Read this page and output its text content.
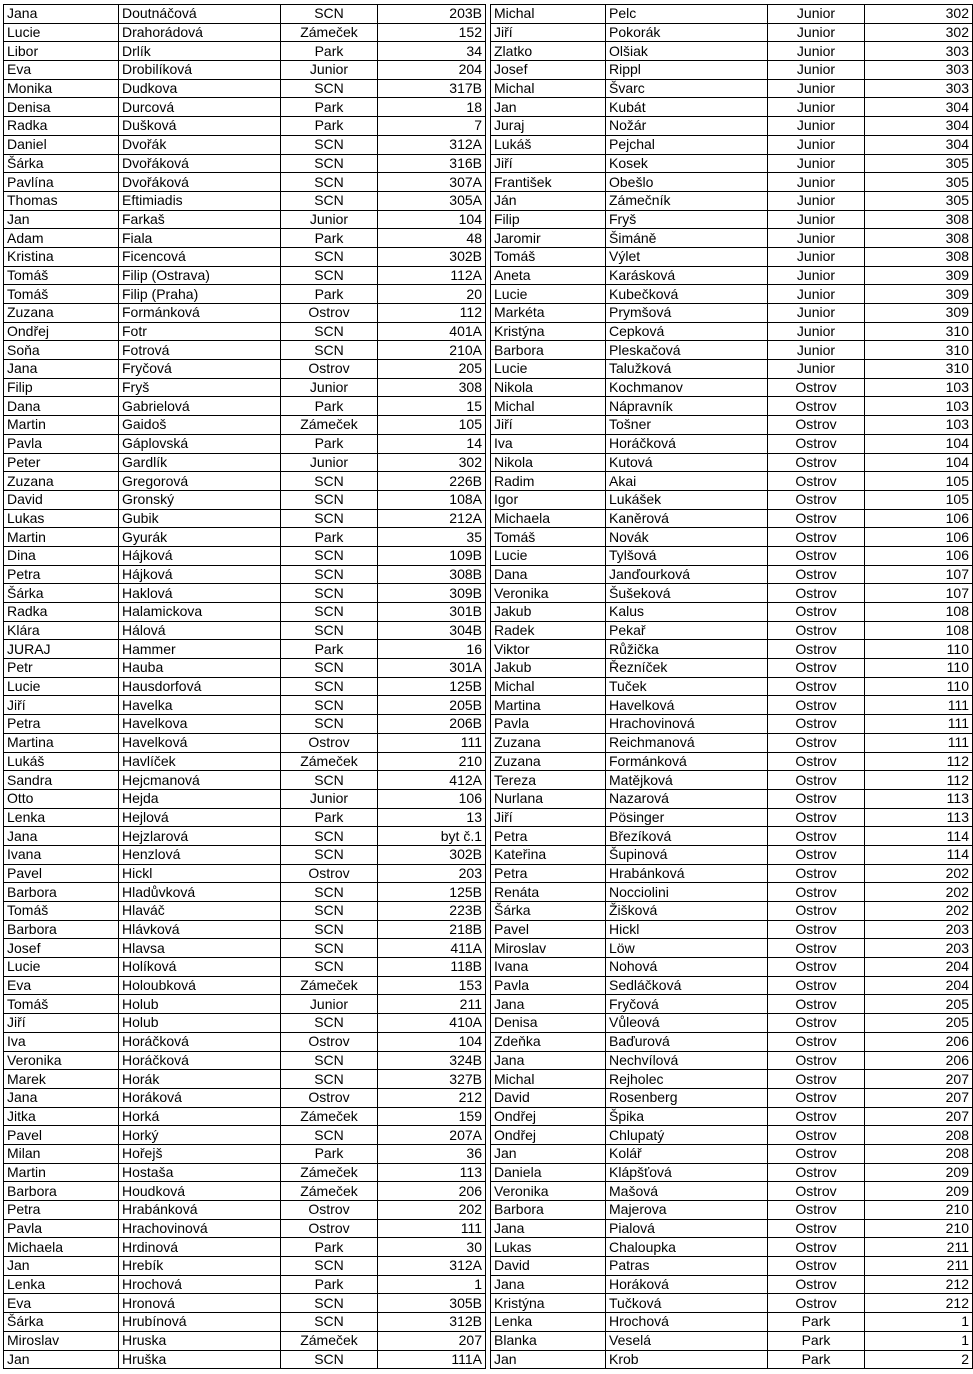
Jana	Doutnáčová	SCN	203B
Lucie	Drahorádová	Zámeček	152
Libor	Drlík	Park	34
Eva	Drobilíková	Junior	204
Monika	Dudkova	SCN	317B
Denisa	Durcová	Park	18
Radka	Dušková	Park	7
Daniel	Dvořák	SCN	312A
Šárka	Dvořáková	SCN	316B
Pavlína	Dvořáková	SCN	307A
Thomas	Eftimiadis	SCN	305A
Jan	Farkaš	Junior	104
Adam	Fiala	Park	48
Kristina	Ficencová	SCN	302B
Tomáš	Filip (Ostrava)	SCN	112A
Tomáš	Filip (Praha)	Park	20
Zuzana	Formánková	Ostrov	112
Ondřej	Fotr	SCN	401A
Soňa	Fotrová	SCN	210A
Jana	Fryčová	Ostrov	205
Filip	Fryš	Junior	308
Dana	Gabrielová	Park	15
Martin	Gaidoš	Zámeček	105
Pavla	Gáplovská	Park	14
Peter	Gardlík	Junior	302
Zuzana	Gregorová	SCN	226B
David	Gronský	SCN	108A
Lukas	Gubik	SCN	212A
Martin	Gyurák	Park	35
Dina	Hájková	SCN	109B
Petra	Hájková	SCN	308B
Šárka	Haklová	SCN	309B
Radka	Halamickova	SCN	301B
Klára	Hálová	SCN	304B
JURAJ	Hammer	Park	16
Petr	Hauba	SCN	301A
Lucie	Hausdorfová	SCN	125B
Jiří	Havelka	SCN	205B
Petra	Havelkova	SCN	206B
Martina	Havelková	Ostrov	111
Lukáš	Havlíček	Zámeček	210
Sandra	Hejcmanová	SCN	412A
Otto	Hejda	Junior	106
Lenka	Hejlová	Park	13
Jana	Hejzlarová	SCN	byt č.1
Ivana	Henzlová	SCN	302B
Pavel	Hickl	Ostrov	203
Barbora	Hladůvková	SCN	125B
Tomáš	Hlaváč	SCN	223B
Barbora	Hlávková	SCN	218B
Josef	Hlavsa	SCN	411A
Lucie	Holíková	SCN	118B
Eva	Holoubková	Zámeček	153
Tomáš	Holub	Junior	211
Jiří	Holub	SCN	410A
Iva	Horáčková	Ostrov	104
Veronika	Horáčková	SCN	324B
Marek	Horák	SCN	327B
Jana	Horáková	Ostrov	212
Jitka	Horká	Zámeček	159
Pavel	Horký	SCN	207A
Milan	Hořejš	Park	36
Martin	Hostaša	Zámeček	113
Barbora	Houdková	Zámeček	206
Petra	Hrabánková	Ostrov	202
Pavla	Hrachovinová	Ostrov	111
Michaela	Hrdinová	Park	30
Jan	Hrebík	SCN	312A
Lenka	Hrochová	Park	1
Eva	Hronová	SCN	305B
Šárka	Hrubínová	SCN	312B
Miroslav	Hruska	Zámeček	207
Jan	Hruška	SCN	111A
Michal	Pelc	Junior	302
Jiří	Pokorák	Junior	302
Zlatko	Olšiak	Junior	303
Josef	Rippl	Junior	303
Michal	Švarc	Junior	303
Jan	Kubát	Junior	304
Juraj	Nožár	Junior	304
Lukáš	Pejchal	Junior	304
Jiří	Kosek	Junior	305
František	Obešlo	Junior	305
Ján	Zámečník	Junior	305
Filip	Fryš	Junior	308
Jaromir	Šimáně	Junior	308
Tomáš	Výlet	Junior	308
Aneta	Karásková	Junior	309
Lucie	Kubečková	Junior	309
Markéta	Prymšová	Junior	309
Kristýna	Cepková	Junior	310
Barbora	Pleskačová	Junior	310
Lucie	Talužková	Junior	310
Nikola	Kochmanov	Ostrov	103
Michal	Nápravník	Ostrov	103
Jiří	Tošner	Ostrov	103
Iva	Horáčková	Ostrov	104
Nikola	Kutová	Ostrov	104
Radim	Akai	Ostrov	105
Igor	Lukášek	Ostrov	105
Michaela	Kaněrová	Ostrov	106
Tomáš	Novák	Ostrov	106
Lucie	Tylšová	Ostrov	106
Dana	Janďourková	Ostrov	107
Veronika	Šušeková	Ostrov	107
Jakub	Kalus	Ostrov	108
Radek	Pekař	Ostrov	108
Viktor	Růžička	Ostrov	110
Jakub	Řezníček	Ostrov	110
Michal	Tuček	Ostrov	110
Martina	Havelková	Ostrov	111
Pavla	Hrachovinová	Ostrov	111
Zuzana	Reichmanová	Ostrov	111
Zuzana	Formánková	Ostrov	112
Tereza	Matějková	Ostrov	112
Nurlana	Nazarová	Ostrov	113
Jiří	Pösinger	Ostrov	113
Petra	Březíková	Ostrov	114
Kateřina	Šupinová	Ostrov	114
Petra	Hrabánková	Ostrov	202
Renáta	Nocciolini	Ostrov	202
Šárka	Žišková	Ostrov	202
Pavel	Hickl	Ostrov	203
Miroslav	Löw	Ostrov	203
Ivana	Nohová	Ostrov	204
Pavla	Sedláčková	Ostrov	204
Jana	Fryčová	Ostrov	205
Denisa	Vůleová	Ostrov	205
Zdeňka	Baďurová	Ostrov	206
Jana	Nechvílová	Ostrov	206
Michal	Rejholec	Ostrov	207
David	Rosenberg	Ostrov	207
Ondřej	Špika	Ostrov	207
Ondřej	Chlupatý	Ostrov	208
Jan	Kolář	Ostrov	208
Daniela	Klápšťová	Ostrov	209
Veronika	Mašová	Ostrov	209
Barbora	Majerova	Ostrov	210
Jana	Pialová	Ostrov	210
Lukas	Chaloupka	Ostrov	211
David	Patras	Ostrov	211
Jana	Horáková	Ostrov	212
Kristýna	Tučková	Ostrov	212
Lenka	Hrochová	Park	1
Blanka	Veselá	Park	1
Jan	Krob	Park	2
